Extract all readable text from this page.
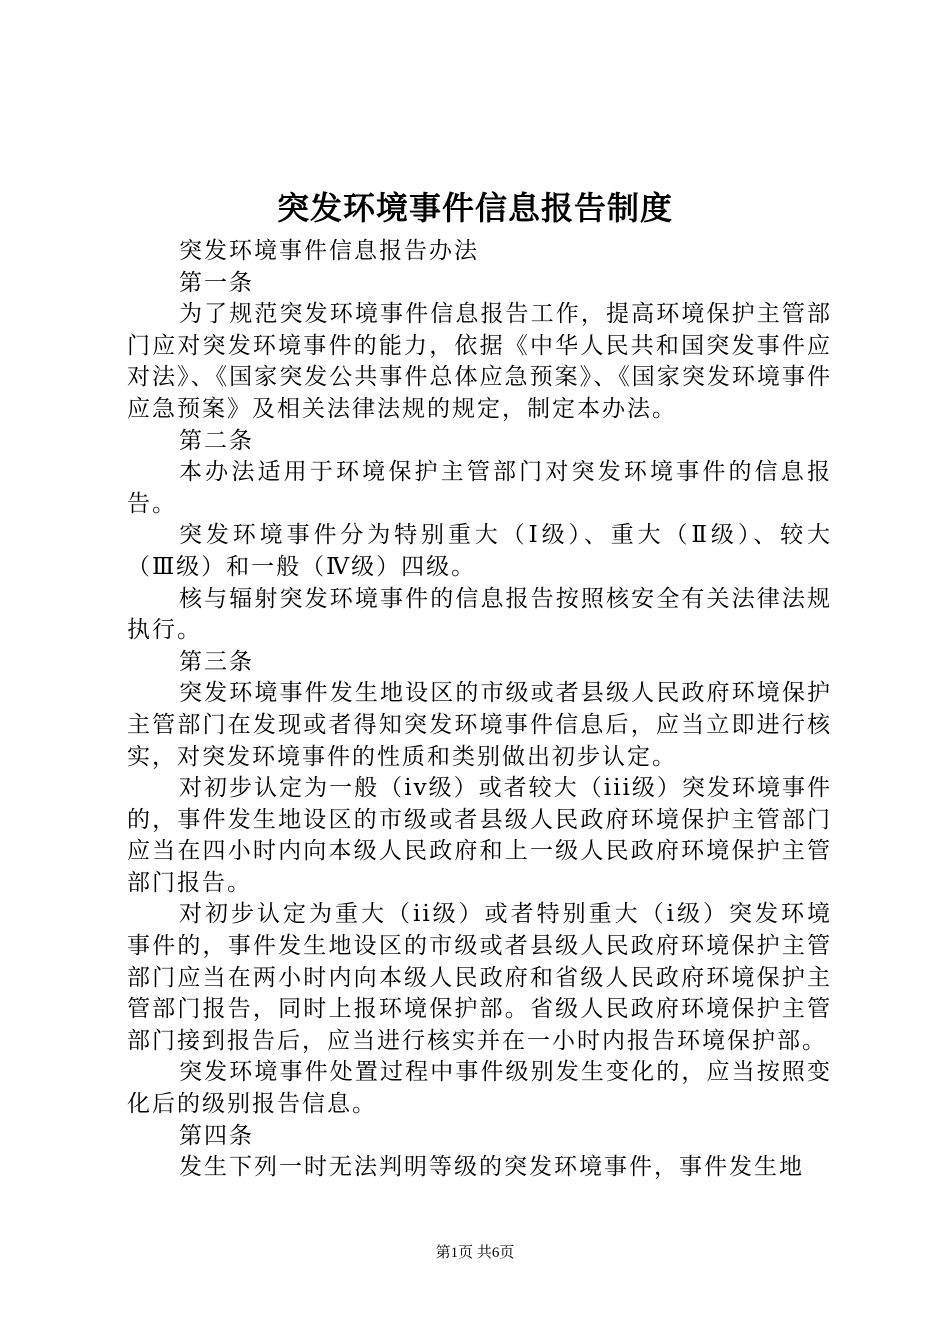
突发环境事件信息报告制度

突发环境事件信息报告办法

第一条

为了规范突发环境事件信息报告工作，提高环境保护主管部门应对突发环境事件的能力，依据《中华人民共和国突发事件应对法》、《国家突发公共事件总体应急预案》、《国家突发环境事件应急预案》及相关法律法规的规定，制定本办法。

第二条

本办法适用于环境保护主管部门对突发环境事件的信息报告。

突发环境事件分为特别重大（Ⅰ级）、重大（Ⅱ级）、较大（Ⅲ级）和一般（Ⅳ级）四级。

核与辐射突发环境事件的信息报告按照核安全有关法律法规执行。

第三条

突发环境事件发生地设区的市级或者县级人民政府环境保护主管部门在发现或者得知突发环境事件信息后，应当立即进行核实，对突发环境事件的性质和类别做出初步认定。

对初步认定为一般（iv级）或者较大（iii级）突发环境事件的，事件发生地设区的市级或者县级人民政府环境保护主管部门应当在四小时内向本级人民政府和上一级人民政府环境保护主管部门报告。

对初步认定为重大（ii级）或者特别重大（i级）突发环境事件的，事件发生地设区的市级或者县级人民政府环境保护主管部门应当在两小时内向本级人民政府和省级人民政府环境保护主管部门报告，同时上报环境保护部。省级人民政府环境保护主管部门接到报告后，应当进行核实并在一小时内报告环境保护部。

突发环境事件处置过程中事件级别发生变化的，应当按照变化后的级别报告信息。

第四条

发生下列一时无法判明等级的突发环境事件，事件发生地

第1页 共6页
